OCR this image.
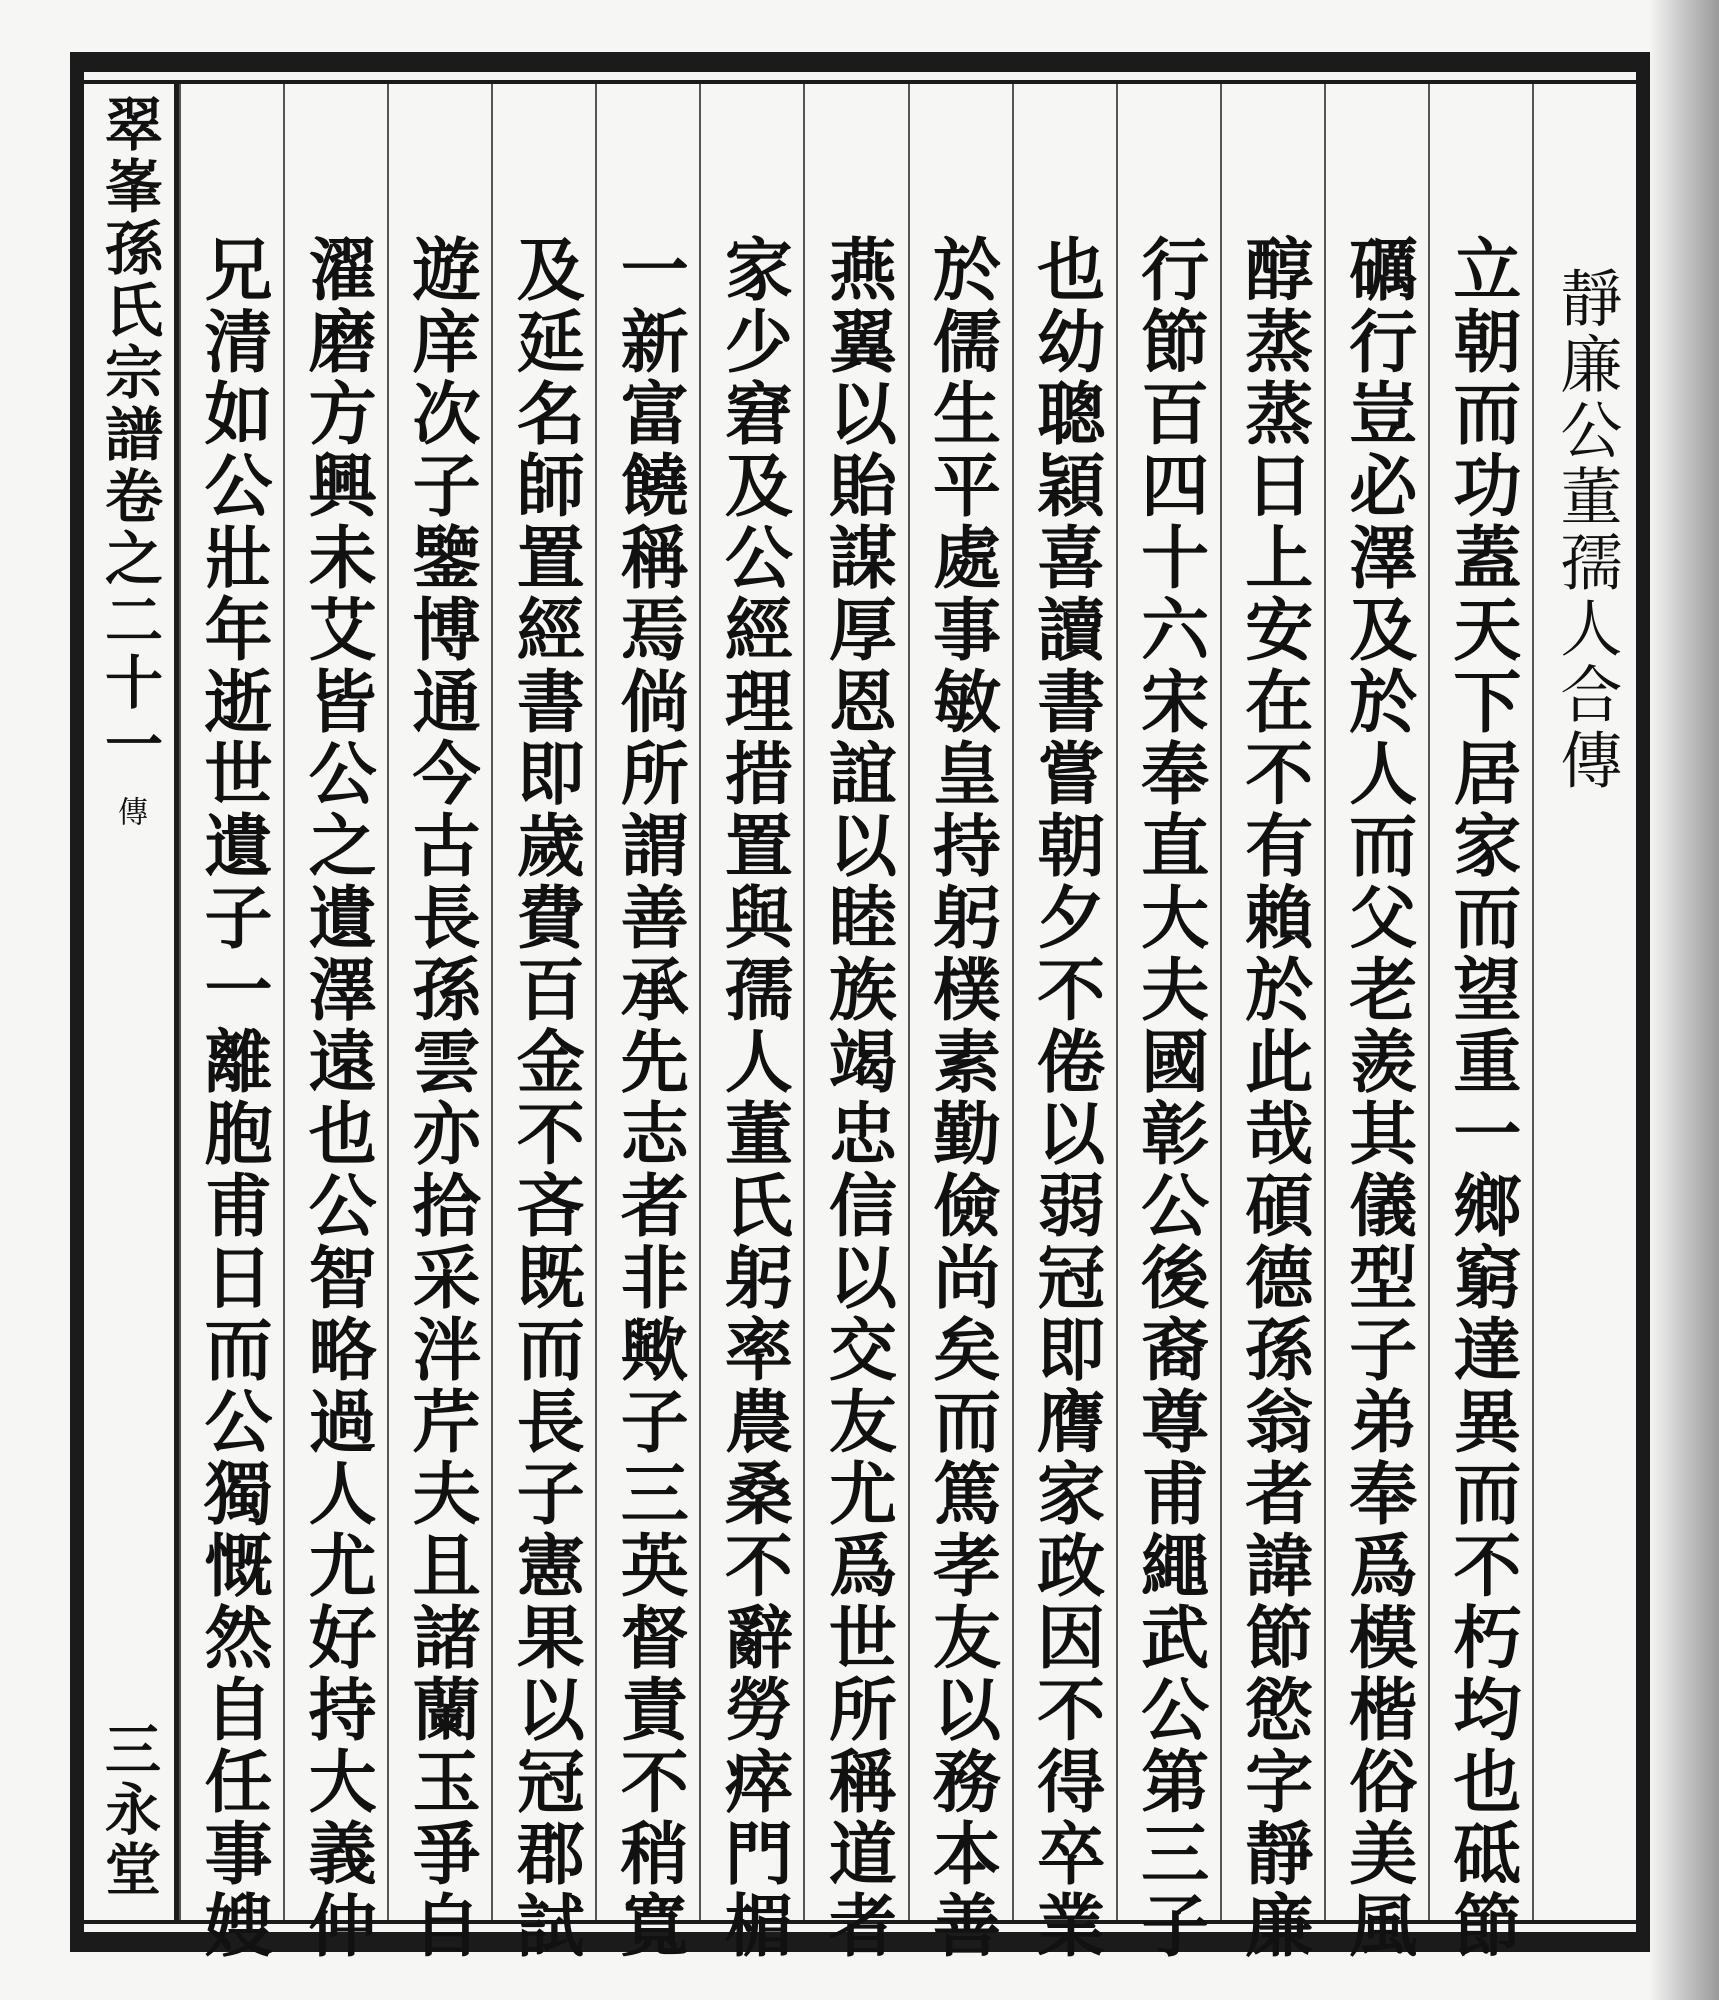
翠峯孫氏宗譜卷之二十一
傳
三永堂
靜廉公董孺人合傳
立朝而功蓋天下居家而望重一鄉窮達異而不朽均也砥節
礪行豈必澤及於人而父老羨其儀型子弟奉爲模楷俗美風
醇蒸蒸日上安在不有賴於此哉碩德孫翁者諱節慾字靜廉
行節百四十六宋奉直大夫國彰公後裔尊甫繩武公第三子
也幼聰穎喜讀書嘗朝夕不倦以弱冠即膺家政因不得卒業
於儒生平處事敏皇持躬樸素勤儉尚矣而篤孝友以務本善
燕翼以貽謀厚恩誼以睦族竭忠信以交友尤爲世所稱道者
家少窘及公經理措置與孺人董氏躬率農桑不辭勞瘁門楣
一新富饒稱焉倘所謂善承先志者非歟子三英督責不稍寬
及延名師置經書即歲費百金不吝既而長子憲果以冠郡試
遊庠次子鑒博通今古長孫雲亦拾采泮芹夫且諸蘭玉爭自
濯磨方興未艾皆公之遺澤遠也公智略過人尤好持大義仲
兄清如公壯年逝世遺子一離胞甫日而公獨慨然自任事嫂
